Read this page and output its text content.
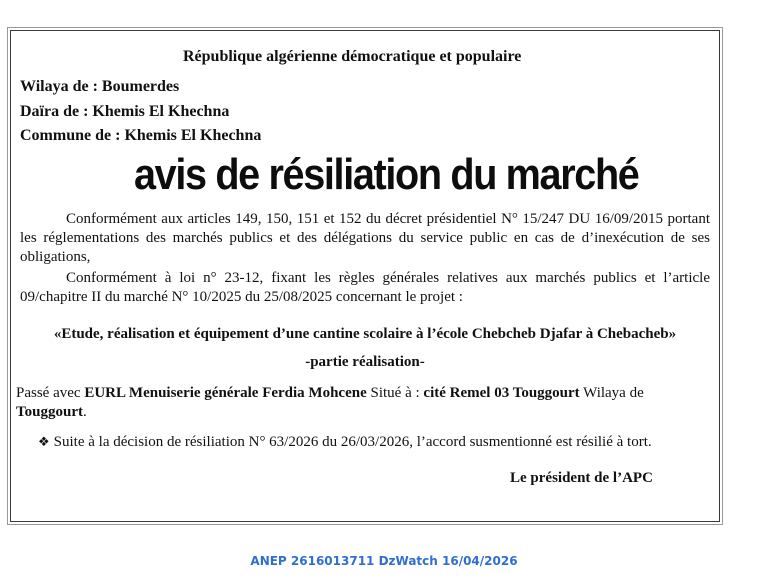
République algérienne démocratique et populaire
Wilaya de : Boumerdes
Daïra de : Khemis El Khechna
Commune de : Khemis El Khechna
avis de résiliation du marché
Conformément aux articles 149, 150, 151 et 152 du décret présidentiel N° 15/247 DU 16/09/2015 portant les réglementations des marchés publics et des délégations du service public en cas de d’inexécution de ses obligations,
Conformément à loi n° 23-12, fixant les règles générales relatives aux marchés publics et l’article 09/chapitre II du marché N° 10/2025 du 25/08/2025 concernant le projet :
«Etude, réalisation et équipement d’une cantine scolaire à l’école Chebcheb Djafar à Chebacheb»
-partie réalisation-
Passé avec EURL Menuiserie générale Ferdia Mohcene Situé à : cité Remel 03 Touggourt Wilaya de Touggourt.
❖ Suite à la décision de résiliation N° 63/2026 du 26/03/2026, l’accord susmentionné est résilié à tort.
Le président de l’APC
ANEP 2616013711 DzWatch 16/04/2026
